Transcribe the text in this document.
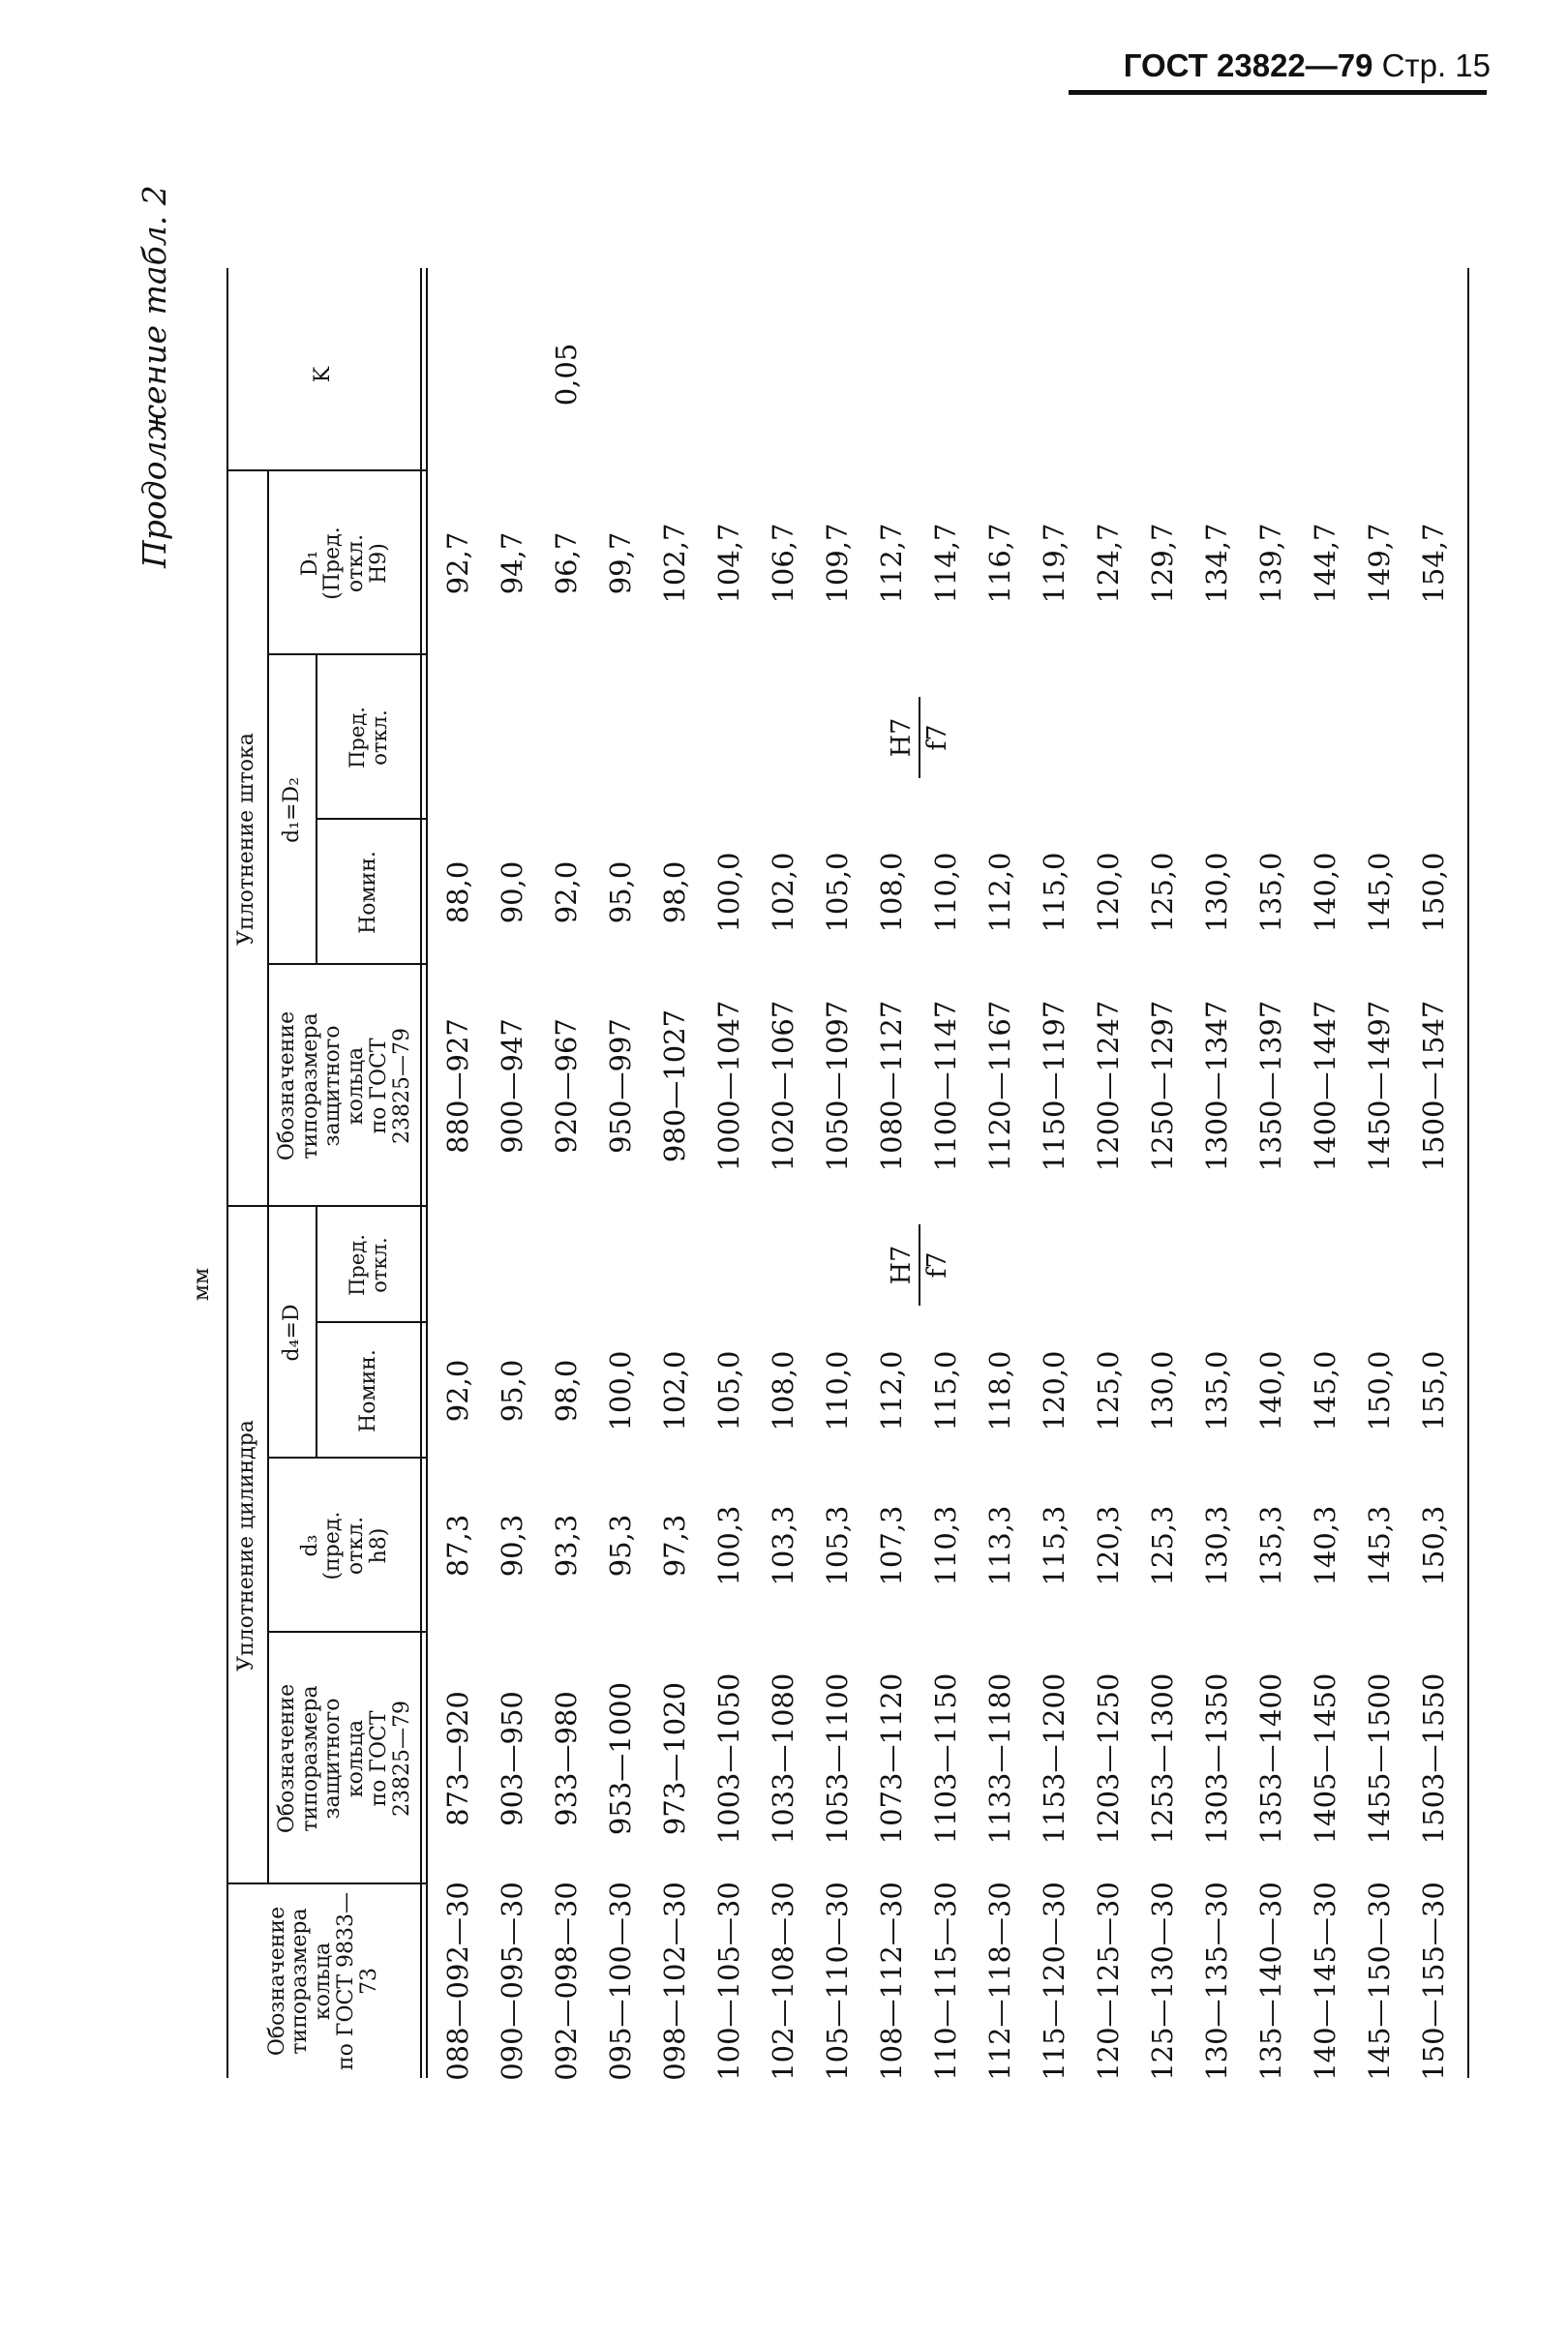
ГОСТ 23822—79 Стр. 15
Продолжение табл. 2
мм
Обозначение
типоразмера
кольца
по ГОСТ 9833—73
Уплотнение цилиндра
Уплотнение штока
Обозначение
типоразмера
защитного
кольца
по ГОСТ
23825—79
d₃
(пред.
откл.
h8)
d₄=D
Номин.
Пред.
откл.
Обозначение
типоразмера
защитного
кольца
по ГОСТ
23825—79
d₁=D₂
Номин.
Пред.
откл.
D₁
(Пред.
откл.
H9)
K
088—092—30
873—920
87,3
92,0
880—927
88,0
92,7
090—095—30
903—950
90,3
95,0
900—947
90,0
94,7
092—098—30
933—980
93,3
98,0
920—967
92,0
96,7
095—100—30
953—1000
95,3
100,0
950—997
95,0
99,7
098—102—30
973—1020
97,3
102,0
980—1027
98,0
102,7
100—105—30
1003—1050
100,3
105,0
1000—1047
100,0
104,7
102—108—30
1033—1080
103,3
108,0
1020—1067
102,0
106,7
105—110—30
1053—1100
105,3
110,0
1050—1097
105,0
109,7
108—112—30
1073—1120
107,3
112,0
1080—1127
108,0
112,7
110—115—30
1103—1150
110,3
115,0
1100—1147
110,0
114,7
112—118—30
1133—1180
113,3
118,0
1120—1167
112,0
116,7
115—120—30
1153—1200
115,3
120,0
1150—1197
115,0
119,7
120—125—30
1203—1250
120,3
125,0
1200—1247
120,0
124,7
125—130—30
1253—1300
125,3
130,0
1250—1297
125,0
129,7
130—135—30
1303—1350
130,3
135,0
1300—1347
130,0
134,7
135—140—30
1353—1400
135,3
140,0
1350—1397
135,0
139,7
140—145—30
1405—1450
140,3
145,0
1400—1447
140,0
144,7
145—150—30
1455—1500
145,3
150,0
1450—1497
145,0
149,7
150—155—30
1503—1550
150,3
155,0
1500—1547
150,0
154,7
H7 f7
H7 f7
0,05
